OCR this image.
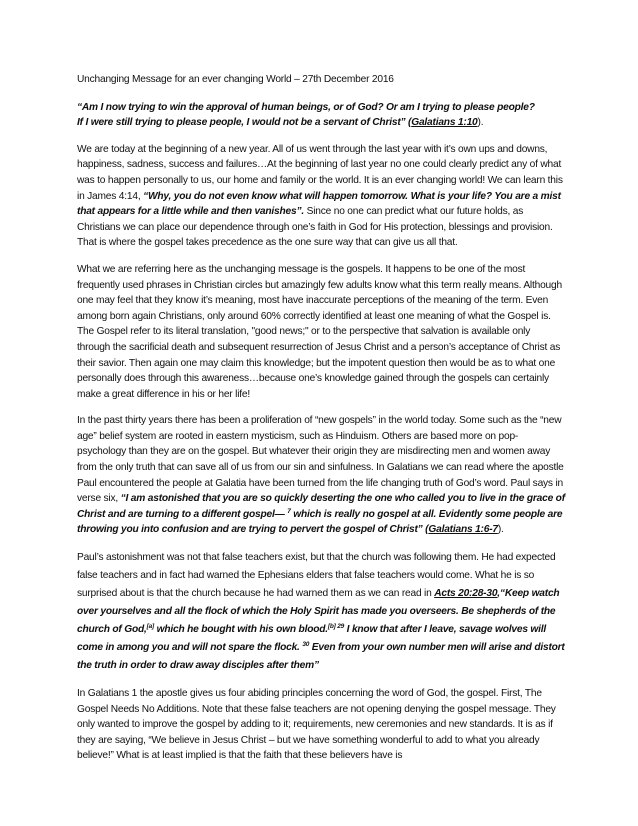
Unchanging Message for an ever changing World – 27th December 2016

“Am I now trying to win the approval of human beings, or of God? Or am I trying to please people?
If I were still trying to please people, I would not be a servant of Christ” (Galatians 1:10).

We are today at the beginning of a new year. All of us went through the last year with it’s own ups and downs, happiness, sadness, success and failures…At the beginning of last year no one could clearly predict any of what was to happen personally to us, our home and family or the world. It is an ever changing world! We can learn this in James 4:14, “Why, you do not even know what will happen tomorrow. What is your life? You are a mist that appears for a little while and then vanishes”. Since no one can predict what our future holds, as Christians we can place our dependence through one’s faith in God for His protection, blessings and provision. That is where the gospel takes precedence as the one sure way that can give us all that.

What we are referring here as the unchanging message is the gospels. It happens to be one of the most frequently used phrases in Christian circles but amazingly few adults know what this term really means. Although one may feel that they know it’s meaning, most have inaccurate perceptions of the meaning of the term. Even among born again Christians, only around 60% correctly identified at least one meaning of what the Gospel is. The Gospel refer to its literal translation, "good news;" or to the perspective that salvation is available only through the sacrificial death and subsequent resurrection of Jesus Christ and a person’s acceptance of Christ as their savior. Then again one may claim this knowledge; but the impotent question then would be as to what one personally does through this awareness…because one’s knowledge gained through the gospels can certainly make a great difference in his or her life!

In the past thirty years there has been a proliferation of “new gospels” in the world today. Some such as the “new age” belief system are rooted in eastern mysticism, such as Hinduism. Others are based more on pop-psychology than they are on the gospel. But whatever their origin they are misdirecting men and women away from the only truth that can save all of us from our sin and sinfulness. In Galatians we can read where the apostle Paul encountered the people at Galatia have been turned from the life changing truth of God’s word. Paul says in verse six, “I am astonished that you are so quickly deserting the one who called you to live in the grace of Christ and are turning to a different gospel— $^7$ which is really no gospel at all. Evidently some people are throwing you into confusion and are trying to pervert the gospel of Christ” (Galatians 1:6-7).

Paul’s astonishment was not that false teachers exist, but that the church was following them. He had expected false teachers and in fact had warned the Ephesians elders that false teachers would come. What he is so surprised about is that the church because he had warned them as we can read in Acts 20:28-30,“Keep watch over yourselves and all the flock of which the Holy Spirit has made you overseers. Be shepherds of the church of God,[a] which he bought with his own blood.$^{[b] 29}$ I know that after I leave, savage wolves will come in among you and will not spare the flock. $^{30}$ Even from your own number men will arise and distort the truth in order to draw away disciples after them”

In Galatians 1 the apostle gives us four abiding principles concerning the word of God, the gospel. First, The Gospel Needs No Additions. Note that these false teachers are not opening denying the gospel message. They only wanted to improve the gospel by adding to it; requirements, new ceremonies and new standards. It is as if they are saying, “We believe in Jesus Christ – but we have something wonderful to add to what you already believe!” What is at least implied is that the faith that these believers have is
